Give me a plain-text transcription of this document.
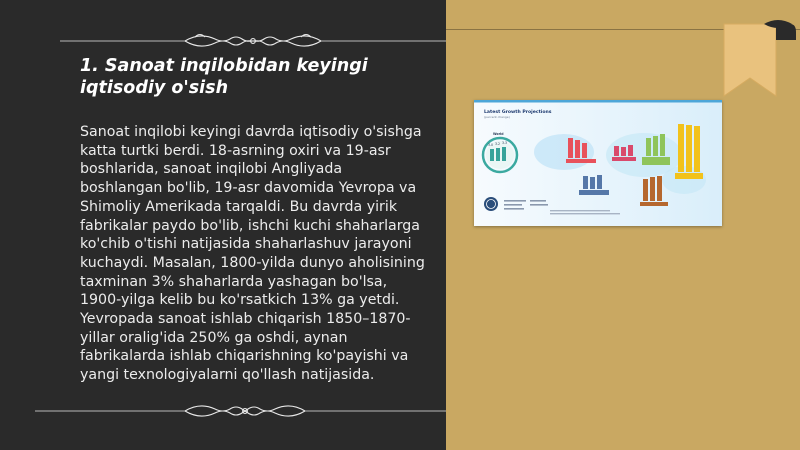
1. Sanoat inqilobidan keyingi iqtisodiy o'sish

Sanoat inqilobi keyingi davrda iqtisodiy o'sishga katta turtki berdi. 18-asrning oxiri va 19-asr boshlarida, sanoat inqilobi Angliyada boshlangan bo'lib, 19-asr davomida Yevropa va Shimoliy Amerikada tarqaldi. Bu davrda yirik fabrikalar paydo bo'lib, ishchi kuchi shaharlarga ko'chib o'tishi natijasida shaharlashuv jarayoni kuchaydi. Masalan, 1800-yilda dunyo aholisining taxminan 3% shaharlarda yashagan bo'lsa, 1900-yilga kelib bu ko'rsatkich 13% ga yetdi. Yevropada sanoat ishlab chiqarish 1850–1870-yillar oralig'ida 250% ga oshdi, aynan fabrikalarda ishlab chiqarishning ko'payishi va yangi texnologiyalarni qo'llash natijasida.

Latest Growth Projections
(percent change)
World
3.0 3.2 3.3
